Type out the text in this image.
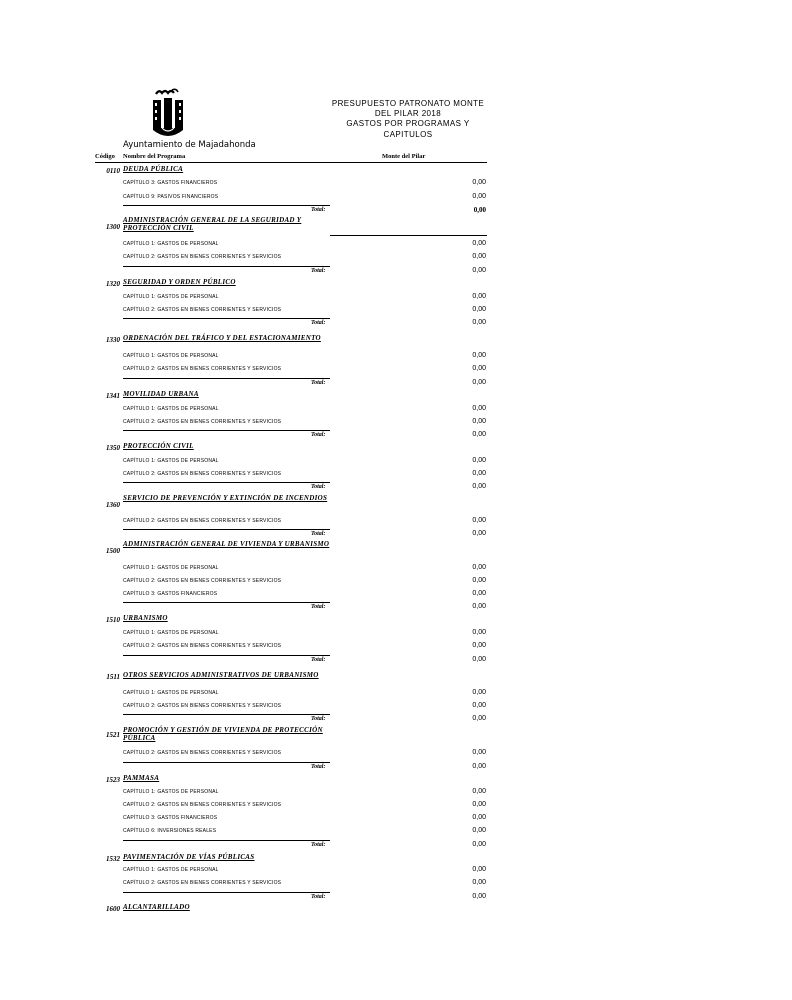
PRESUPUESTO PATRONATO MONTE
DEL PILAR 2018
GASTOS POR PROGRAMAS Y
CAPITULOS
Ayuntamiento de Majadahonda
Código Nombre del Programa	Monte del Pilar
0110 DEUDA PÚBLICA
CAPÍTULO 3: GASTOS FINANCIEROS	0,00
CAPÍTULO 9: PASIVOS FINANCIEROS	0,00
Total:	0,00
1300
ADMINISTRACIÓN GENERAL DE LA SEGURIDAD Y PROTECCIÓN CIVIL
CAPÍTULO 1: GASTOS DE PERSONAL	0,00
CAPÍTULO 2: GASTOS EN BIENES CORRIENTES Y SERVICIOS	0,00
Total:	0,00
1320 SEGURIDAD Y ORDEN PÚBLICO
CAPÍTULO 1: GASTOS DE PERSONAL	0,00
CAPÍTULO 2: GASTOS EN BIENES CORRIENTES Y SERVICIOS	0,00
Total:	0,00
1330 ORDENACIÓN DEL TRÁFICO Y DEL ESTACIONAMIENTO
CAPÍTULO 1: GASTOS DE PERSONAL	0,00
CAPÍTULO 2: GASTOS EN BIENES CORRIENTES Y SERVICIOS	0,00
Total:	0,00
1341 MOVILIDAD URBANA
CAPÍTULO 1: GASTOS DE PERSONAL	0,00
CAPÍTULO 2: GASTOS EN BIENES CORRIENTES Y SERVICIOS	0,00
Total:	0,00
1350 PROTECCIÓN CIVIL
CAPÍTULO 1: GASTOS DE PERSONAL	0,00
CAPÍTULO 2: GASTOS EN BIENES CORRIENTES Y SERVICIOS	0,00
Total:	0,00
1360
SERVICIO DE PREVENCIÓN Y EXTINCIÓN DE INCENDIOS
CAPÍTULO 2: GASTOS EN BIENES CORRIENTES Y SERVICIOS	0,00
Total:	0,00
1500
ADMINISTRACIÓN GENERAL DE VIVIENDA Y URBANISMO
CAPÍTULO 1: GASTOS DE PERSONAL	0,00
CAPÍTULO 2: GASTOS EN BIENES CORRIENTES Y SERVICIOS	0,00
CAPÍTULO 3: GASTOS FINANCIEROS	0,00
Total:	0,00
1510 URBANISMO
CAPÍTULO 1: GASTOS DE PERSONAL	0,00
CAPÍTULO 2: GASTOS EN BIENES CORRIENTES Y SERVICIOS	0,00
Total:	0,00
1511 OTROS SERVICIOS ADMINISTRATIVOS DE URBANISMO
CAPÍTULO 1: GASTOS DE PERSONAL	0,00
CAPÍTULO 2: GASTOS EN BIENES CORRIENTES Y SERVICIOS	0,00
Total:	0,00
1521
PROMOCIÓN Y GESTIÓN DE VIVIENDA DE PROTECCIÓN PÚBLICA
CAPÍTULO 2: GASTOS EN BIENES CORRIENTES Y SERVICIOS	0,00
Total:	0,00
1523 PAMMASA
CAPÍTULO 1: GASTOS DE PERSONAL	0,00
CAPÍTULO 2: GASTOS EN BIENES CORRIENTES Y SERVICIOS	0,00
CAPÍTULO 3: GASTOS FINANCIEROS	0,00
CAPÍTULO 6: INVERSIONES REALES	0,00
Total:	0,00
1532 PAVIMENTACIÓN DE VÍAS PÚBLICAS
CAPÍTULO 1: GASTOS DE PERSONAL	0,00
CAPÍTULO 2: GASTOS EN BIENES CORRIENTES Y SERVICIOS	0,00
Total:	0,00
1600 ALCANTARILLADO
